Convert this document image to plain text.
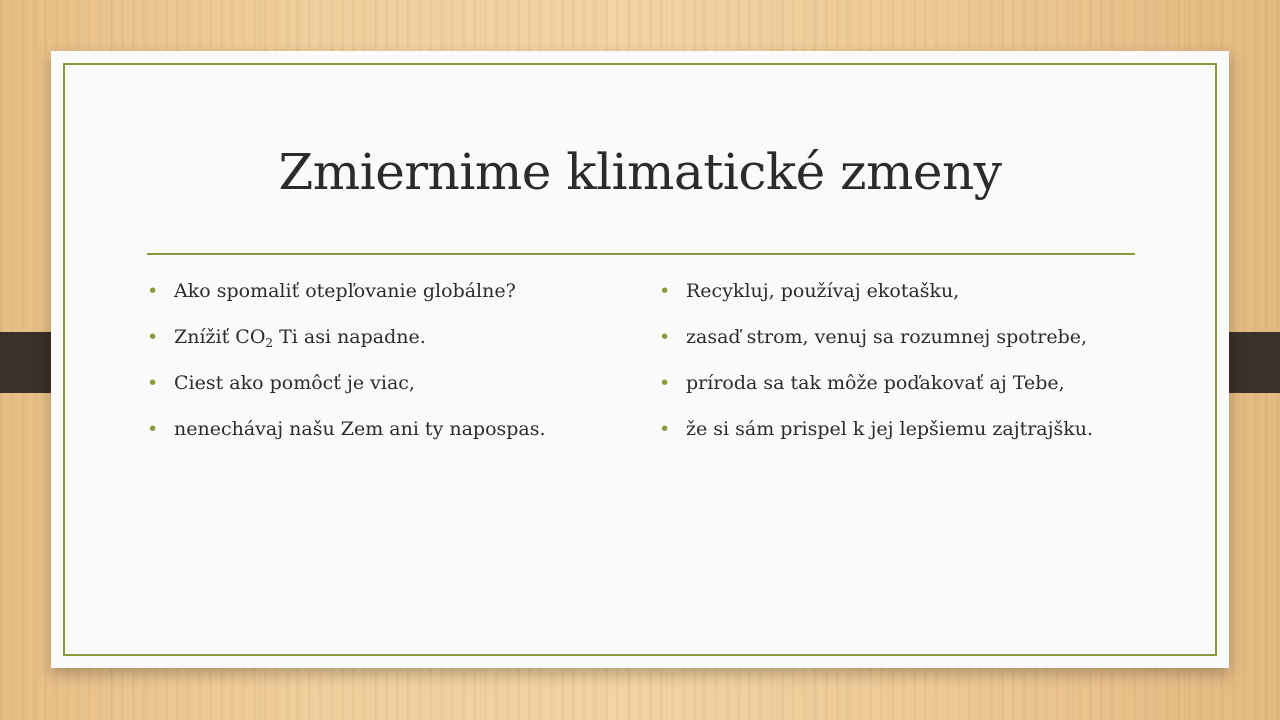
Zmiernime klimatické zmeny
• Ako spomaliť otepľovanie globálne?
• Znížiť $CO_2$ Ti asi napadne.
• Ciest ako pomôcť je viac,
• nenechávaj našu Zem ani ty napospas.
• Recykluj, používaj ekotašku,
• zasaď strom, venuj sa rozumnej spotrebe,
• príroda sa tak môže poďakovať aj Tebe,
• že si sám prispel k jej lepšiemu zajtrajšku.
